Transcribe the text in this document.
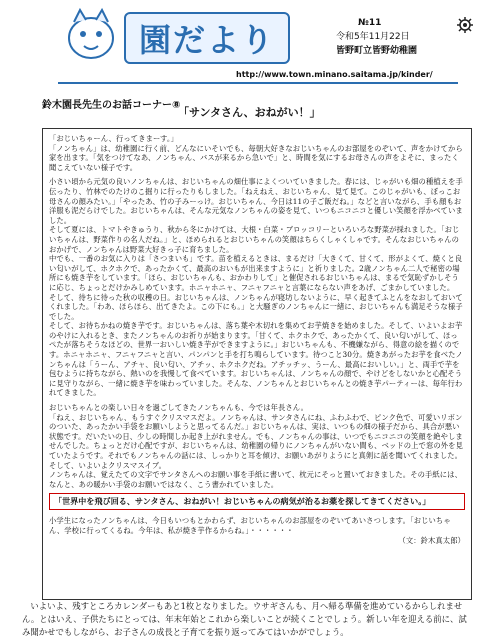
園だより	№11
令和5年11月22日
皆野町立皆野幼稚園
http://www.town.minano.saitama.jp/kinder/
鈴木園長先生のお話コーナー⑧
「サンタさん、おねがい！」

「おじいちゃーん、行ってきまーす。」

「ノンちゃん」は、幼稚園に行く前、どんなにいそいでも、毎朝大好きなおじいちゃんのお部屋をのぞいて、声をかけてから家を出ます。「気をつけてなあ、ノンちゃん、バスが来るから急いで」と、時間を気にするお母さんの声をよそに、まったく聞こえていない様子です。

小さい頃から元気の良いノンちゃんは、おじいちゃんの畑仕事によくついていきました。春には、じゃがいも畑の種植えを手伝ったり、竹林でのたけのこ掘りに行ったりもしました。「ねえねえ、おじいちゃん、見て見て。このじゃがいも、ぼっこお母さんの顔みたい。」「やったあ、竹の子みーっけ。おじいちゃん、今日は11の子ご飯だね。」などと言いながら、手も顔もお洋服も泥だらけでした。おじいちゃんは、そんな元気なノンちゃんの姿を見て、いつもニコニコと優しい笑顔を浮かべていました。

そして夏には、トマトやきゅうり、秋から冬にかけては、大根・白菜・ブロッコリーといろいろな野菜が採れました。「おじいちゃんは、野菜作りの名人だね。」と、ほめられるとおじいちゃんの笑顔はちらくしゃくしゃです。そんなおじいちゃんのおかげで、ノンちゃんは野菜大好きっ子に育ちました。

中でも、一番のお気に入りは「さつまいも」です。苗を植えるときは、まるだけ「大きくて、甘くて、形がよくて、焼くと良い匂いがして、ホクホクで、あったかくて、最高のおいもが出来ますように」と祈りました。2歳ノンちゃん二人で秘密の場所にも焼き芋をしています。「ほら、おじいちゃんも、おかわりして」と催促されるおじいちゃんは、まるで気恥ずかしそうに応じ、ちょっとだけかみしめています。ホニャホニャ、フニャフニャと言葉にならない声をあげ、ごまかしていました。

そして、待ちに待った秋の収穫の日。おじいちゃんは、ノンちゃんが寝坊しないように、早く起きてふとんをなおしておいてくれました。「わあ、ほらほら、出てきたよ。この下にも。」と大騒ぎのノンちゃんに一緒に、おじいちゃんも満足そうな様子でした。

そして、お待ちかねの焼き芋です。おじいちゃんは、落ち葉や木切れを集めてお芋焼きを始めました。そして、いよいよお芋のやけに入れるとき、またノンちゃんのお祈りが始まります。「甘くて、ホクホクで、あったかくて、良い匂いがして、ほっぺたが落ちそうなほどの、世界一おいしい焼き芋ができますように。」おじいちゃんも、不機嫌ながら、得意の絵を描くのです。ホニャホニャ、フニャフニャと言い、パンパンと手を打ち鳴らしています。待つこと30分。焼きあがったお芋を食べたノンちゃんは「うーん、アチャ、良い匂い、アチッ、ホクホクだね。アチッチッ、うーん、最高においしい。」と、両手で芋を包むように持ちながら、熱いのを我慢して食べています。おじいちゃんは、ノンちゃんの顔で、やけどをしないかと心配そうに見守りながら、一緒に焼き芋を味わっていました。そんな、ノンちゃんとおじいちゃんとの焼き芋パーティーは、毎年行われてきました。

おじいちゃんとの楽しい日々を過ごしてきたノンちゃんも、今では年長さん。

「ねえ、おじいちゃん、もうすぐクリスマスだよ。ノンちゃんは、サンタさんにね、ふわふわで、ピンク色で、可愛いリボンのついた、あったかい手袋をお願いしようと思ってるんだ。」おじいちゃんは、実は、いつもの畑の様子だから、具合が悪い状態です。だいたいの日、少しの時間しか起き上がれません。でも、ノンちゃんの事は、いつでもニコニコの笑顔を絶やしませんでした。ちょっとだけ心配ですが、おじいちゃんは、幼稚園の帰りにノンちゃんがいない間も、ベッドの上で窓の外を見ていたようです。それでもノンちゃんの話には、しっかりと耳を傾け、お願いあがりようにと真剣に話を聞いてくれました。

そして、いよいよクリスマスイブ。

ノンちゃんは、覚えたての文字でサンタさんへのお願い事を手紙に書いて、枕元にそっと置いておきました。その手紙には、なんと、あの暖かい手袋のお願いではなく、こう書かれていました。

「世界中を飛び回る、サンタさん、おねがい！おじいちゃんの病気が治るお薬を探してきてください。」

小学生になったノンちゃんは、今日もいつもとかわらず、おじいちゃんのお部屋をのぞいてあいさつします。「おじいちゃん、学校に行ってくるね。今年は、私が焼き芋作るからね。」・・・・・・

（文：鈴木真太郎）

いよいよ、残すところカレンダーもあと1枚となりました。ウサギさんも、月へ帰る準備を進めているからしれません。とはいえ、子供たちにとっては、年末年始とこれから楽しいことが続くことでしょう。新しい年を迎える前に、試み聞かせでもしながら、お子さんの成長と子育てを振り返ってみてはいかがでしょう。
